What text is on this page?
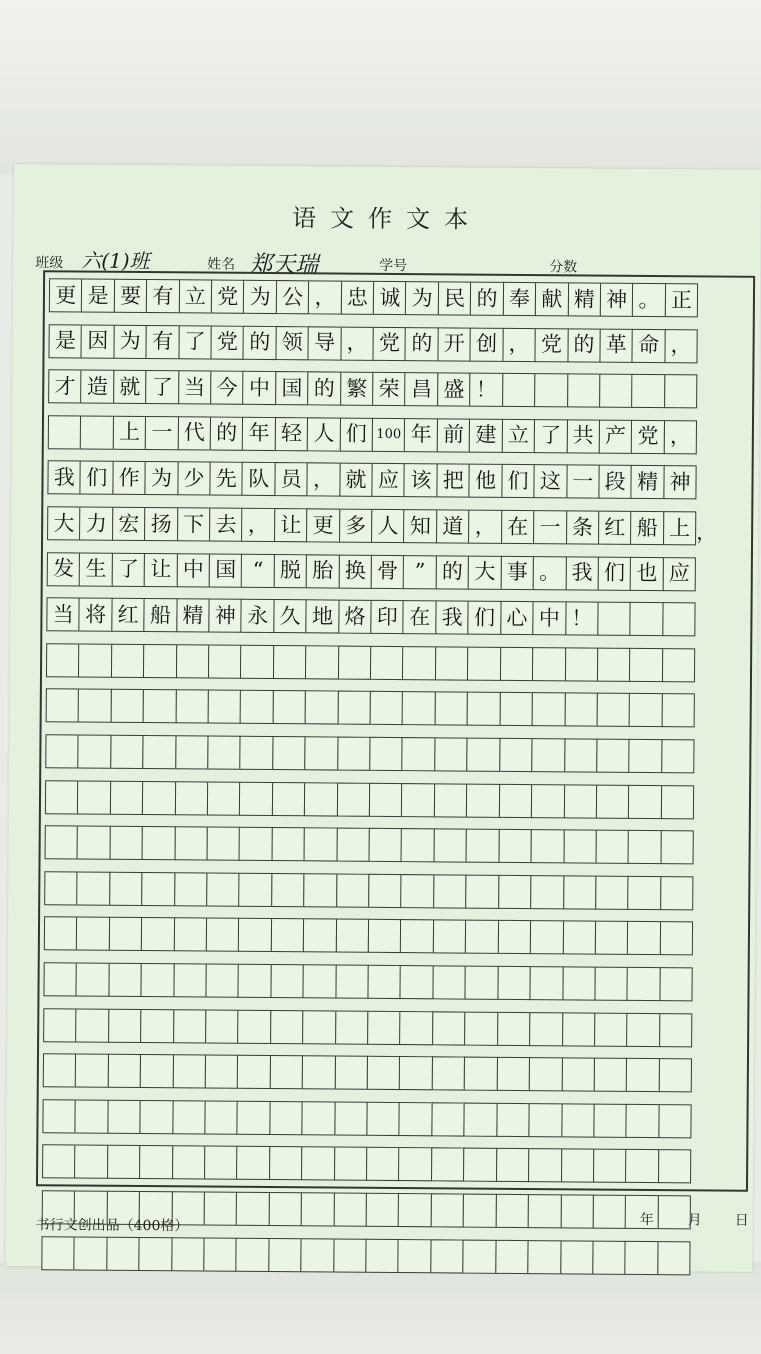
语文作文本
班级 六(1)班	姓名 郑天瑞	学号	分数
更 是 要 有 立 党 为 公 ， 忠 诚 为 民 的 奉 献 精 神 。 正
是 因 为 有 了 党 的 领 导 ， 党 的 开 创 ， 党 的 革 命 ，
才 造 就 了 当 今 中 国 的 繁 荣 昌 盛 ！
上 一 代 的 年 轻 人 们 100 年 前 建 立 了 共 产 党 ，
我 们 作 为 少 先 队 员 ， 就 应 该 把 他 们 这 一 段 精 神
大 力 宏 扬 下 去 ， 让 更 多 人 知 道 ， 在 一 条 红 船 上 ，
发 生 了 让 中 国 “ 脱 胎 换 骨 ” 的 大 事 。 我 们 也 应
当 将 红 船 精 神 永 久 地 烙 印 在 我 们 心 中 ！
书行文创出品（400格）	年 月 日
